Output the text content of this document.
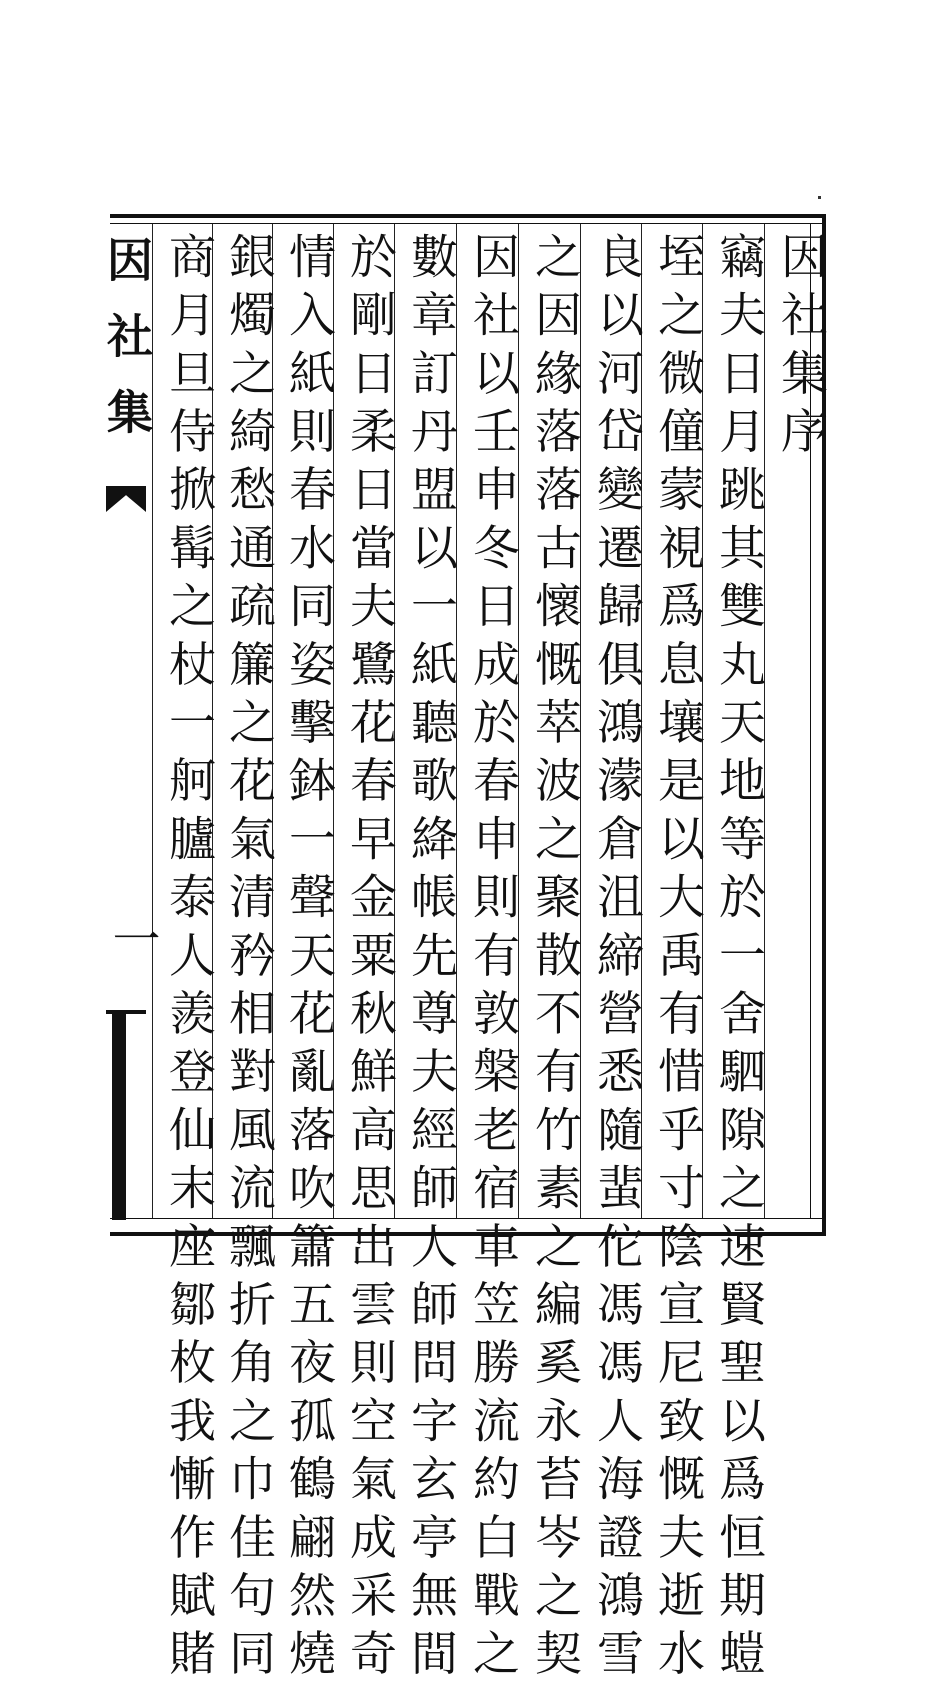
因社集
一
因社集序
竊夫日月跳其雙丸天地等於一舍駟隙之速賢聖以爲恒期螘
垤之微僮蒙視爲息壤是以大禹有惜乎寸陰宣尼致慨夫逝水
良以河岱變遷歸俱鴻濛倉沮締營悉隨蜚佗馮馮人海證鴻雪
之因緣落落古懷慨萃波之聚散不有竹素之編奚永苔岑之契
因社以壬申冬日成於春申則有敦槃老宿車笠勝流約白戰之
數章訂丹盟以一紙聽歌絳帳先尊夫經師人師問字玄亭無間
於剛日柔日當夫鷺花春早金粟秋鮮高思出雲則空氣成采奇
情入紙則春水同姿擊鉢一聲天花亂落吹簫五夜孤鶴翩然燒
銀燭之綺愁通疏簾之花氣清矜相對風流飄折角之巾佳句同
商月旦侍掀髯之杖一舸臚泰人羨登仙末座鄒枚我慚作賦賭
